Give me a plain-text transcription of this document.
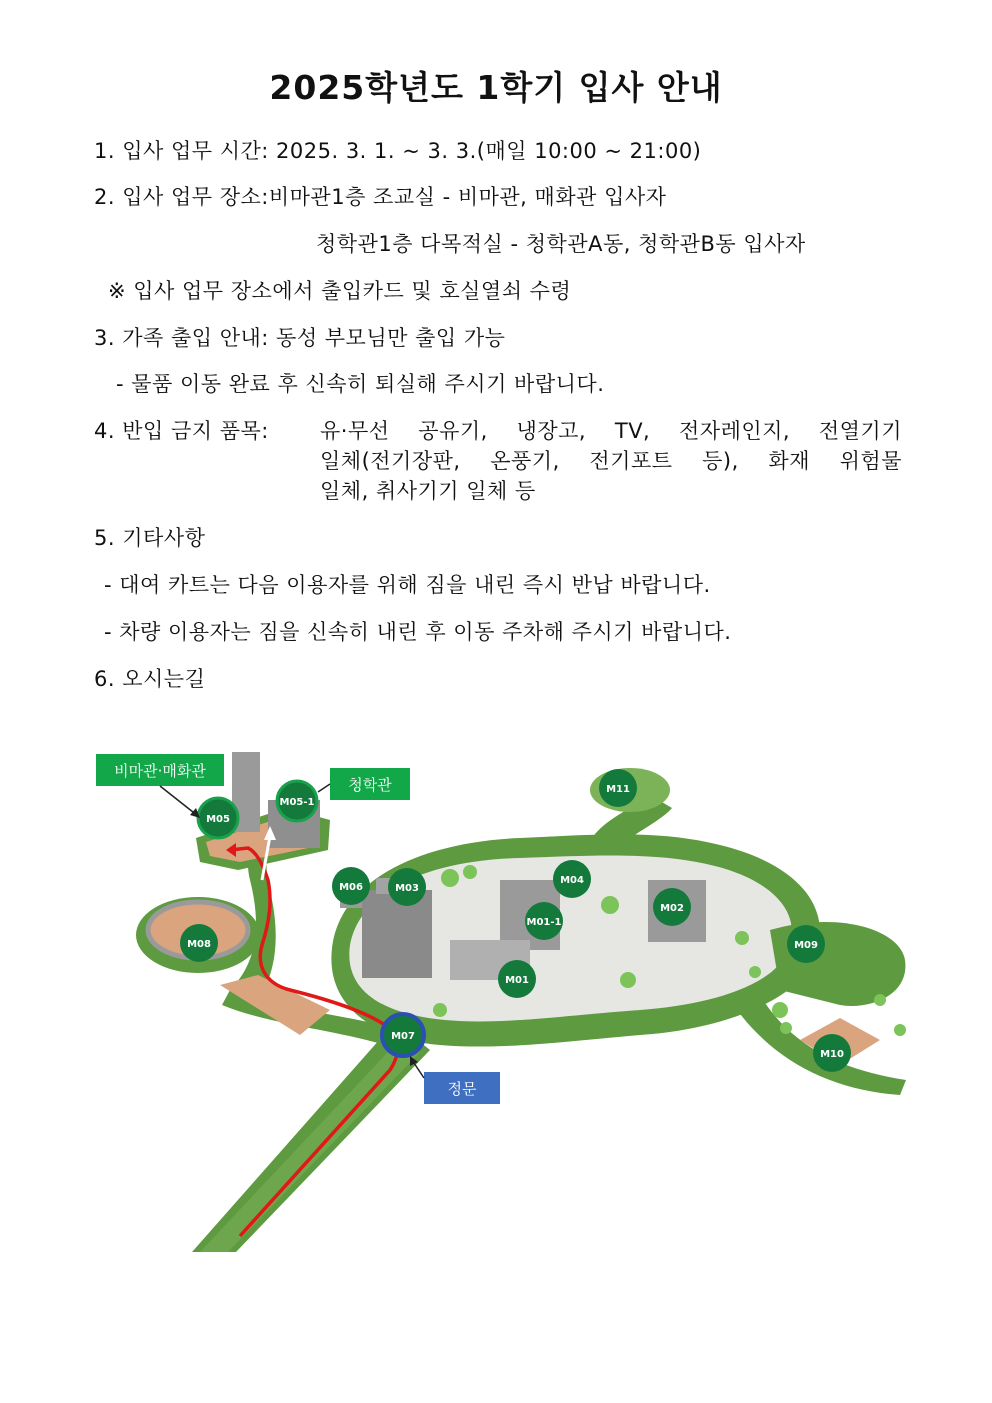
2025학년도 1학기 입사 안내
1. 입사 업무 시간: 2025. 3. 1. ~ 3. 3.(매일 10:00 ~ 21:00)
2. 입사 업무 장소:비마관1층 조교실 - 비마관, 매화관 입사자
청학관1층 다목적실 - 청학관A동, 청학관B동 입사자
※ 입사 업무 장소에서 출입카드 및 호실열쇠 수령
3. 가족 출입 안내: 동성 부모님만 출입 가능
- 물품 이동 완료 후 신속히 퇴실해 주시기 바랍니다.
4. 반입 금지 품목: 유·무선 공유기, 냉장고, TV, 전자레인지, 전열기기
일체(전기장판, 온풍기, 전기포트 등), 화재 위험물
일체, 취사기기 일체 등
5. 기타사항
- 대여 카트는 다음 이용자를 위해 짐을 내린 즉시 반납 바랍니다.
- 차량 이용자는 짐을 신속히 내린 후 이동 주차해 주시기 바랍니다.
6. 오시는길
M05
M05-1
M11
M06	M03
M04
M02
M01-1
M08	M09
M01
M07
M10
비마관·매화관
청학관
정문
